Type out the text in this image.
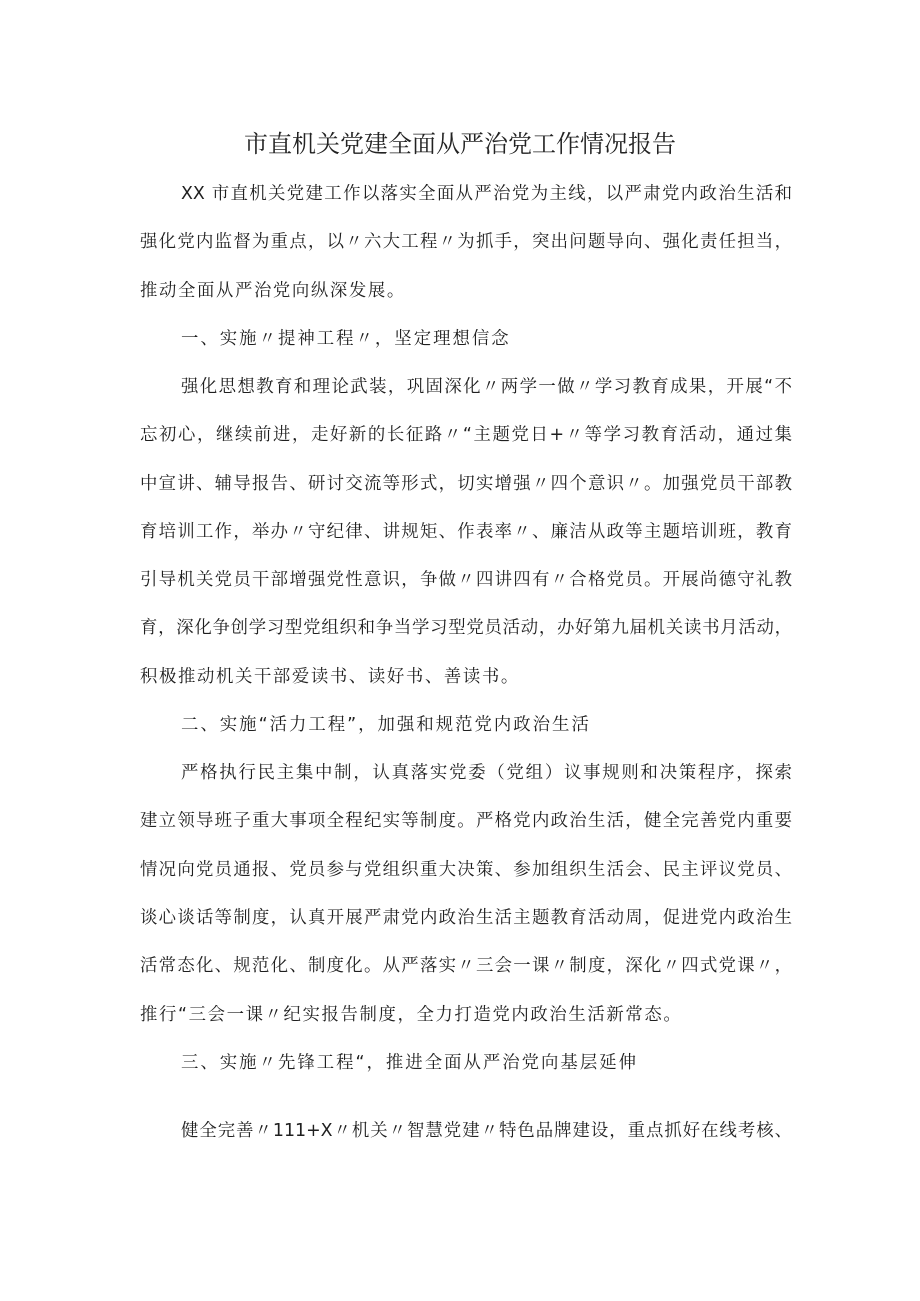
市直机关党建全面从严治党工作情况报告
XX 市直机关党建工作以落实全面从严治党为主线，以严肃党内政治生活和
强化党内监督为重点，以〃六大工程〃为抓手，突出问题导向、强化责任担当，
推动全面从严治党向纵深发展。
一、实施〃提神工程〃，坚定理想信念
强化思想教育和理论武装，巩固深化〃两学一做〃学习教育成果，开展“不
忘初心，继续前进，走好新的长征路〃“主题党日+〃等学习教育活动，通过集
中宣讲、辅导报告、研讨交流等形式，切实增强〃四个意识〃。加强党员干部教
育培训工作，举办〃守纪律、讲规矩、作表率〃、廉洁从政等主题培训班，教育
引导机关党员干部增强党性意识，争做〃四讲四有〃合格党员。开展尚德守礼教
育，深化争创学习型党组织和争当学习型党员活动，办好第九届机关读书月活动，
积极推动机关干部爱读书、读好书、善读书。
二、实施“活力工程”，加强和规范党内政治生活
严格执行民主集中制，认真落实党委（党组）议事规则和决策程序，探索
建立领导班子重大事项全程纪实等制度。严格党内政治生活，健全完善党内重要
情况向党员通报、党员参与党组织重大决策、参加组织生活会、民主评议党员、
谈心谈话等制度，认真开展严肃党内政治生活主题教育活动周，促进党内政治生
活常态化、规范化、制度化。从严落实〃三会一课〃制度，深化〃四式党课〃，
推行“三会一课〃纪实报告制度，全力打造党内政治生活新常态。
三、实施〃先锋工程“，推进全面从严治党向基层延伸
健全完善〃111+X〃机关〃智慧党建〃特色品牌建设，重点抓好在线考核、
